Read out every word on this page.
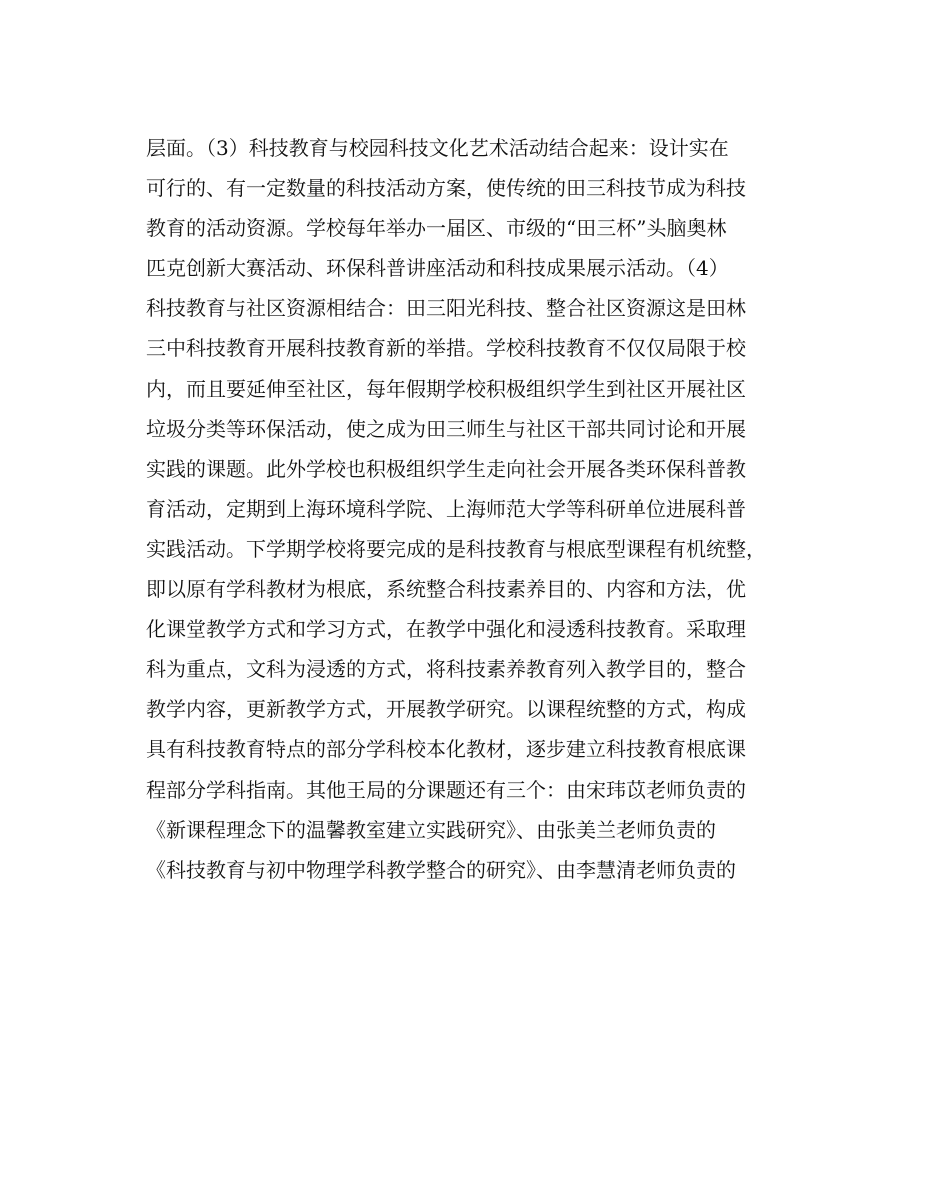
层面。（3）科技教育与校园科技文化艺术活动结合起来：设计实在
可行的、有一定数量的科技活动方案，使传统的田三科技节成为科技
教育的活动资源。学校每年举办一届区、市级的“田三杯”头脑奥林
匹克创新大赛活动、环保科普讲座活动和科技成果展示活动。（4）
科技教育与社区资源相结合：田三阳光科技、整合社区资源这是田林
三中科技教育开展科技教育新的举措。学校科技教育不仅仅局限于校
内，而且要延伸至社区，每年假期学校积极组织学生到社区开展社区
垃圾分类等环保活动，使之成为田三师生与社区干部共同讨论和开展
实践的课题。此外学校也积极组织学生走向社会开展各类环保科普教
育活动，定期到上海环境科学院、上海师范大学等科研单位进展科普
实践活动。下学期学校将要完成的是科技教育与根底型课程有机统整，
即以原有学科教材为根底，系统整合科技素养目的、内容和方法，优
化课堂教学方式和学习方式，在教学中强化和浸透科技教育。采取理
科为重点，文科为浸透的方式，将科技素养教育列入教学目的，整合
教学内容，更新教学方式，开展教学研究。以课程统整的方式，构成
具有科技教育特点的部分学科校本化教材，逐步建立科技教育根底课
程部分学科指南。其他王局的分课题还有三个：由宋玮苡老师负责的
《新课程理念下的温馨教室建立实践研究》、由张美兰老师负责的
《科技教育与初中物理学科教学整合的研究》、由李慧清老师负责的
